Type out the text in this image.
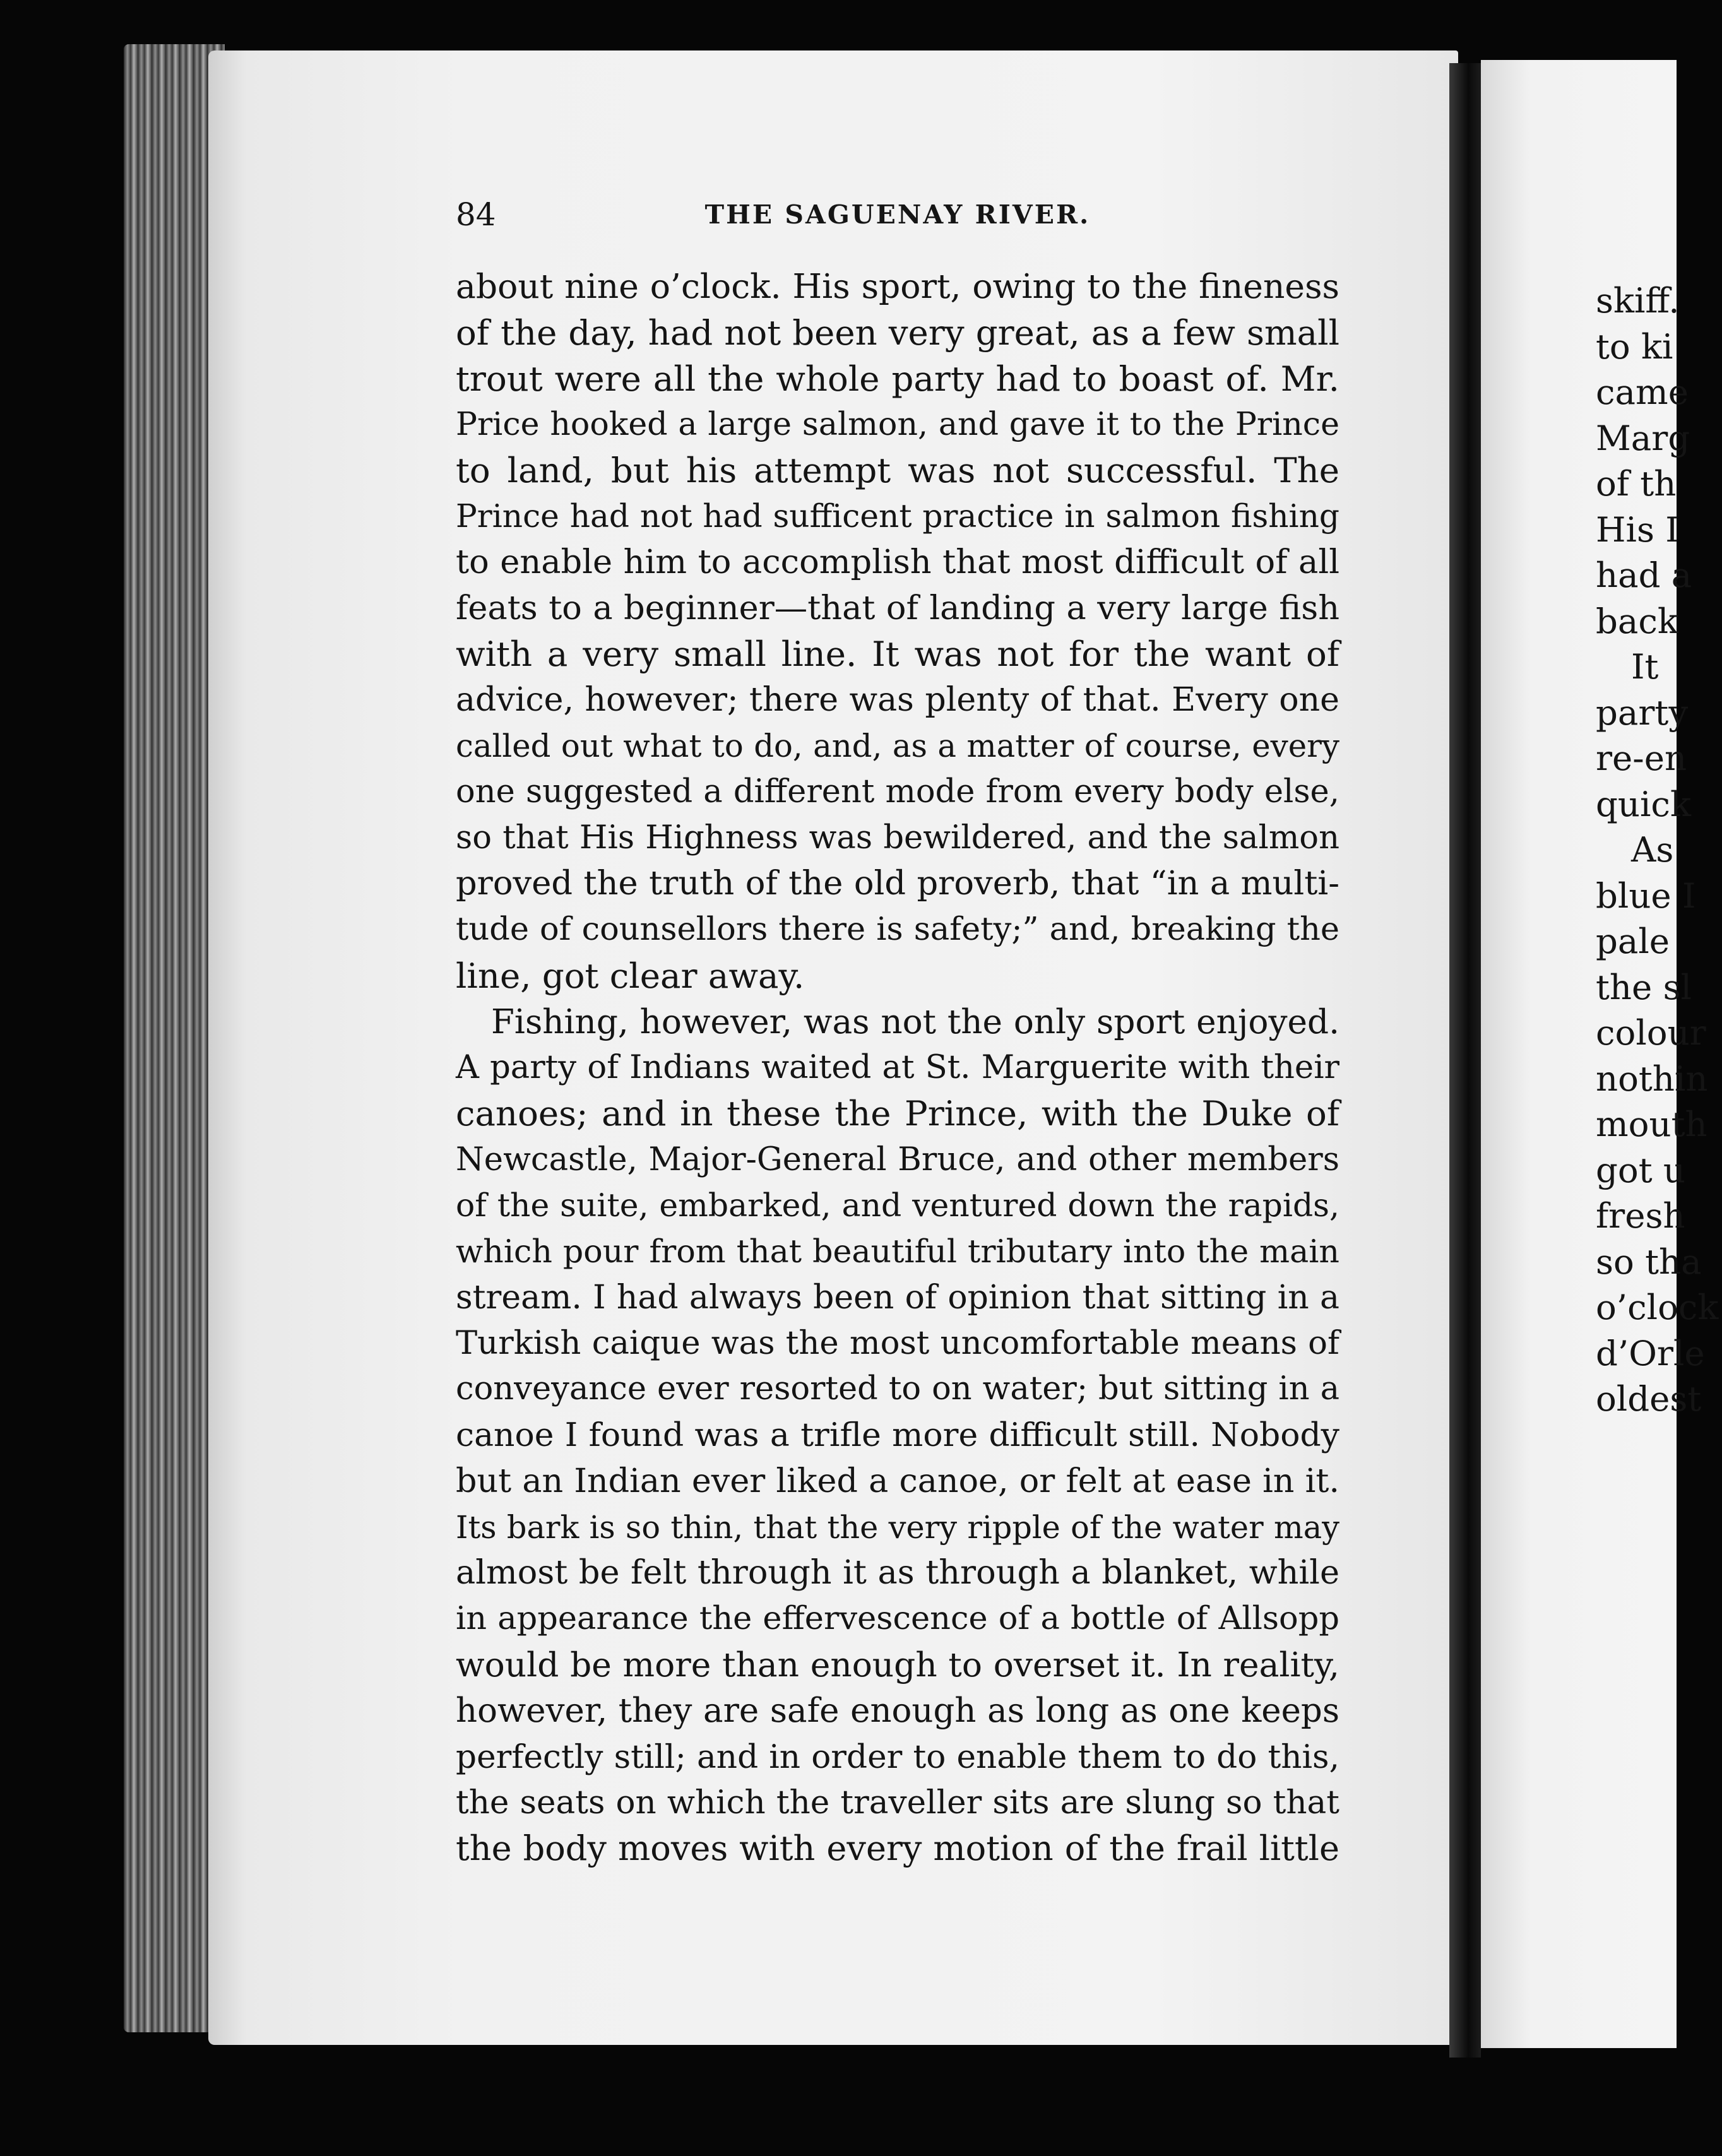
84	THE SAGUENAY RIVER.
about nine o’clock. His sport, owing to the fineness
of the day, had not been very great, as a few small
trout were all the whole party had to boast of. Mr.
Price hooked a large salmon, and gave it to the Prince
to land, but his attempt was not successful. The
Prince had not had sufficent practice in salmon fishing
to enable him to accomplish that most difficult of all
feats to a beginner—that of landing a very large fish
with a very small line. It was not for the want of
advice, however; there was plenty of that. Every one
called out what to do, and, as a matter of course, every
one suggested a different mode from every body else,
so that His Highness was bewildered, and the salmon
proved the truth of the old proverb, that “in a multi-
tude of counsellors there is safety;” and, breaking the
line, got clear away.
Fishing, however, was not the only sport enjoyed.
A party of Indians waited at St. Marguerite with their
canoes; and in these the Prince, with the Duke of
Newcastle, Major-General Bruce, and other members
of the suite, embarked, and ventured down the rapids,
which pour from that beautiful tributary into the main
stream. I had always been of opinion that sitting in a
Turkish caique was the most uncomfortable means of
conveyance ever resorted to on water; but sitting in a
canoe I found was a trifle more difficult still. Nobody
but an Indian ever liked a canoe, or felt at ease in it.
Its bark is so thin, that the very ripple of the water may
almost be felt through it as through a blanket, while
in appearance the effervescence of a bottle of Allsopp
would be more than enough to overset it. In reality,
however, they are safe enough as long as one keeps
perfectly still; and in order to enable them to do this,
the seats on which the traveller sits are slung so that
the body moves with every motion of the frail little
skiff.
to ki
came
Marg
of th
His I
had a
back
It
party
re-en
quick
As
blue I
pale
the sl
colour
nothin
mouth
got u
fresh
so tha
o’clock
d’Orle
oldest
